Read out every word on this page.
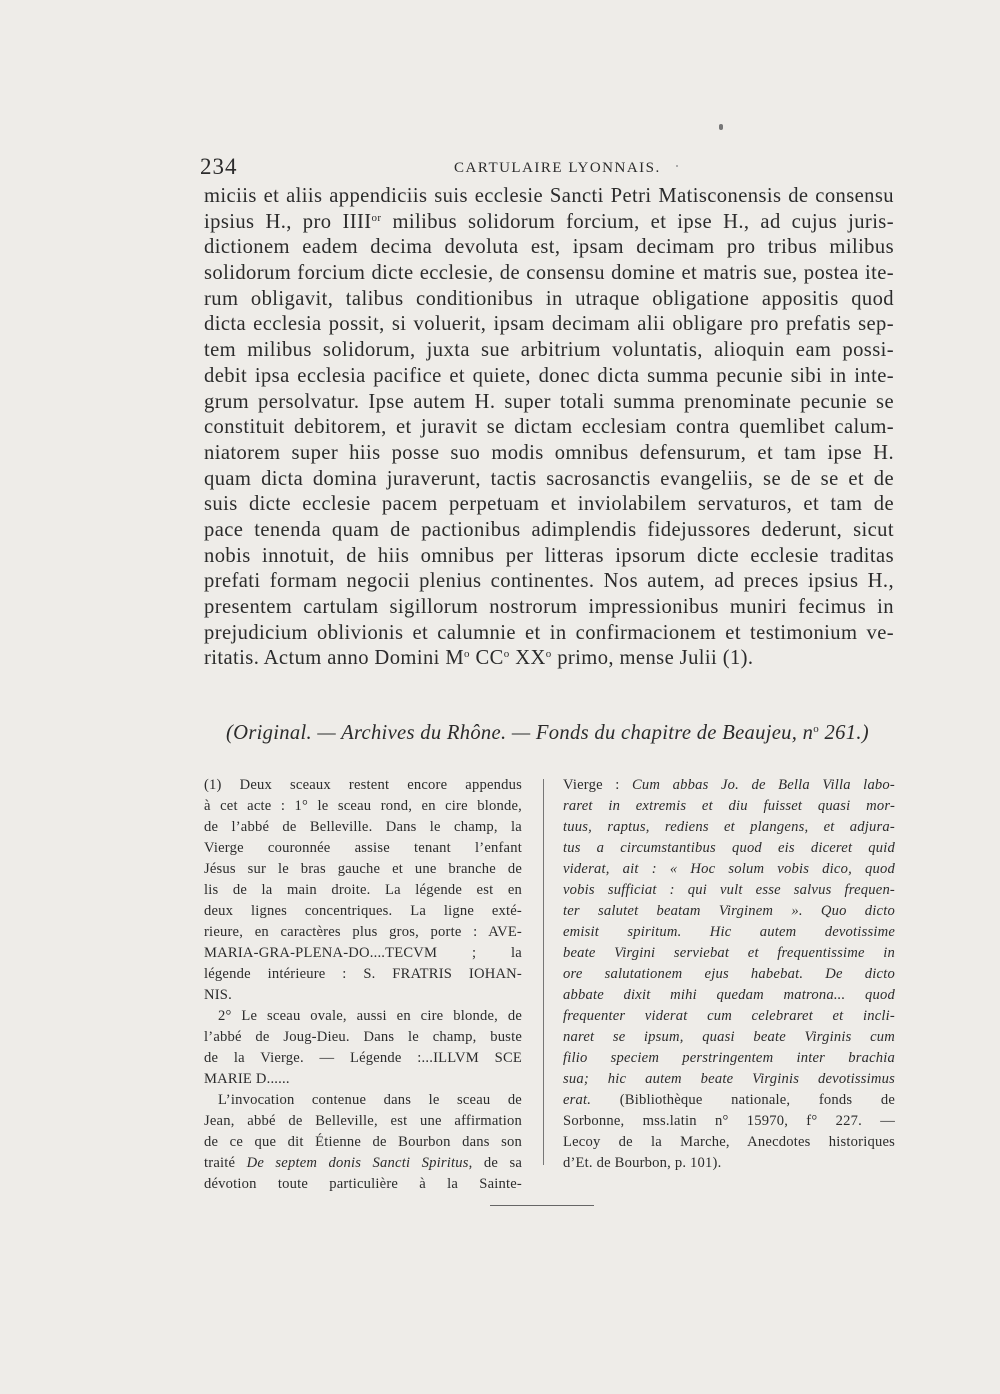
234	CARTULAIRE LYONNAIS.
miciis et aliis appendiciis suis ecclesie Sancti Petri Matisconensis de consensu
ipsius H., pro $IIII^{or}$ milibus solidorum forcium, et ipse H., ad cujus juris-
dictionem eadem decima devoluta est, ipsam decimam pro tribus milibus
solidorum forcium dicte ecclesie, de consensu domine et matris sue, postea ite-
rum obligavit, talibus conditionibus in utraque obligatione appositis quod
dicta ecclesia possit, si voluerit, ipsam decimam alii obligare pro prefatis sep-
tem milibus solidorum, juxta sue arbitrium voluntatis, alioquin eam possi-
debit ipsa ecclesia pacifice et quiete, donec dicta summa pecunie sibi in inte-
grum persolvatur. Ipse autem H. super totali summa prenominate pecunie se
constituit debitorem, et juravit se dictam ecclesiam contra quemlibet calum-
niatorem super hiis posse suo modis omnibus defensurum, et tam ipse H.
quam dicta domina juraverunt, tactis sacrosanctis evangeliis, se de se et de
suis dicte ecclesie pacem perpetuam et inviolabilem servaturos, et tam de
pace tenenda quam de pactionibus adimplendis fidejussores dederunt, sicut
nobis innotuit, de hiis omnibus per litteras ipsorum dicte ecclesie traditas
prefati formam negocii plenius continentes. Nos autem, ad preces ipsius H.,
presentem cartulam sigillorum nostrorum impressionibus muniri fecimus in
prejudicium oblivionis et calumnie et in confirmacionem et testimonium ve-
ritatis. Actum anno Domini $M^o$ $CC^o$ $XX^o$ primo, mense Julii (1).
(Original. — Archives du Rhône. — Fonds du chapitre de Beaujeu, $n^o$ 261.)
(1) Deux sceaux restent encore appendus
à cet acte : 1° le sceau rond, en cire blonde,
de l’abbé de Belleville. Dans le champ, la
Vierge couronnée assise tenant l’enfant
Jésus sur le bras gauche et une branche de
lis de la main droite. La légende est en
deux lignes concentriques. La ligne exté-
rieure, en caractères plus gros, porte : AVE-
MARIA-GRA-PLENA-DO....TECVM ; la
légende intérieure : S. FRATRIS IOHAN-
NIS.
2° Le sceau ovale, aussi en cire blonde, de
l’abbé de Joug-Dieu. Dans le champ, buste
de la Vierge. — Légende :...ILLVM SCE
MARIE D......
L’invocation contenue dans le sceau de
Jean, abbé de Belleville, est une affirmation
de ce que dit Étienne de Bourbon dans son
traité De septem donis Sancti Spiritus, de sa
dévotion toute particulière à la Sainte-
Vierge : Cum abbas Jo. de Bella Villa labo-
raret in extremis et diu fuisset quasi mor-
tuus, raptus, rediens et plangens, et adjura-
tus a circumstantibus quod eis diceret quid
viderat, ait : « Hoc solum vobis dico, quod
vobis sufficiat : qui vult esse salvus frequen-
ter salutet beatam Virginem ». Quo dicto
emisit spiritum. Hic autem devotissime
beate Virgini serviebat et frequentissime in
ore salutationem ejus habebat. De dicto
abbate dixit mihi quedam matrona... quod
frequenter viderat cum celebraret et incli-
naret se ipsum, quasi beate Virginis cum
filio speciem perstringentem inter brachia
sua; hic autem beate Virginis devotissimus
erat. (Bibliothèque nationale, fonds de
Sorbonne, mss.latin n° 15970, f° 227. —
Lecoy de la Marche, Anecdotes historiques
d’Et. de Bourbon, p. 101).
